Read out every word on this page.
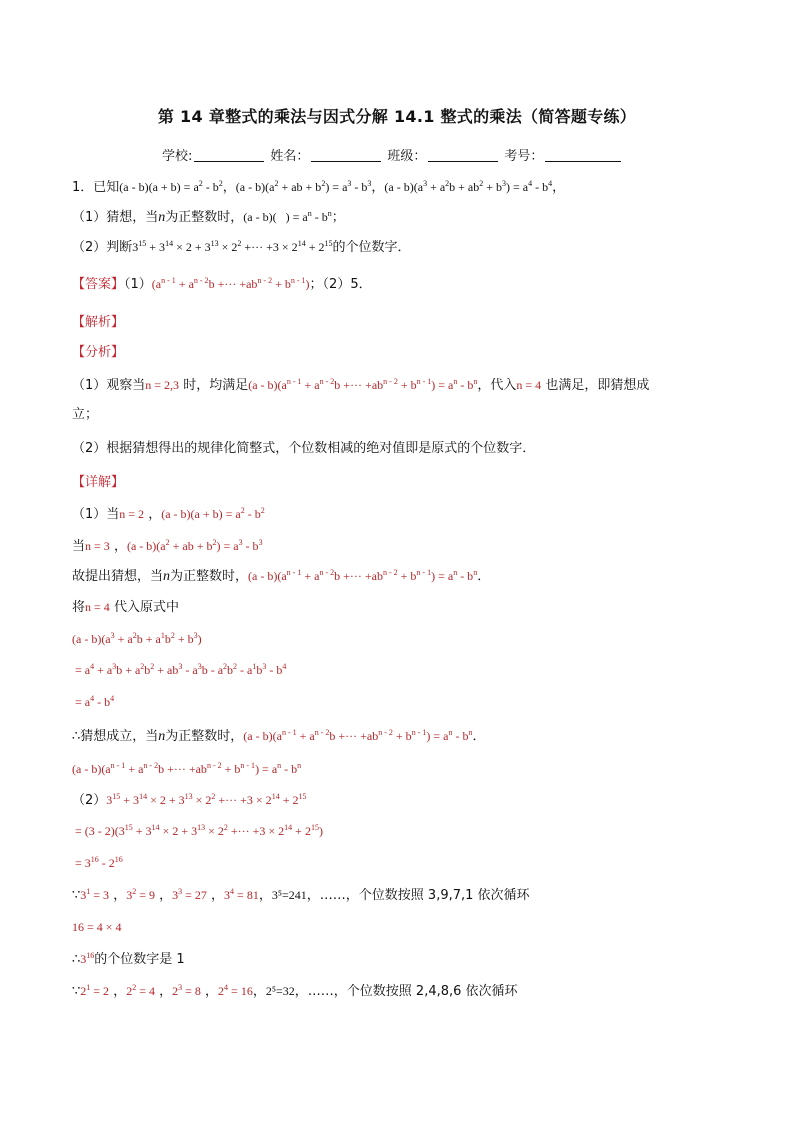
第 14 章整式的乘法与因式分解 14.1 整式的乘法（简答题专练）
学校:	姓名：	班级：	考号：
1．已知$(a - b)(a + b) = a^2 - b^2$，$(a - b)(a^2$ + ab + $b^2) = a^3 - b^3$，$(a - b)(a^3 + a^2b + ab^2 + b^3) = a^4 - b^4$，
（1）猜想，当n为正整数时，(a - b)(   ) = $a^n - b^n$；
（2）判断$3^{15} + 3^{14} \times 2 + 3^{13} \times 2^2$ +··· $+3 \times 2^{14} + 2^{15}$的个位数字．
【答案】$(1)(a^{n - 1} + a^{n - 2}b$ +··· $+ab^{n - 2} + b^{n - 1}$)；（2）5．
【解析】
【分析】
（1）观察当n = 2,3 时，均满足$(a - b)(a^{n - 1} + a^{n - 2}b$ +··· $+ab^{n - 2} + b^{n - 1}) = a^n - b^n$，代入n = 4 也满足，即猜想成
立；
（2）根据猜想得出的规律化简整式，个位数相减的绝对值即是原式的个位数字．
【详解】
（1）当n = 2 ，$(a - b)(a + b) = a^2 - b^2$
当n = 3 ，$(a - b)(a^2$ + ab + $b^2) = a^3 - b^3$
故提出猜想，当n为正整数时，$(a - b)(a^{n - 1} + a^{n - 2}b$ +··· $+ab^{n - 2} + b^{n - 1}) = a^n - b^n$．
将n = 4 代入原式中
$(a - b)(a^3 + a^2b + a^1b^2 + b^3)$
= $a^4 + a^3b + a^2b^2 + ab^3 - a^3b - a^2b^2 - a^1b^3 - b^4$
= $a^4 - b^4$
∴猜想成立，当n为正整数时，$(a - b)(a^{n - 1} + a^{n - 2}b$ +··· $+ab^{n - 2} + b^{n - 1}) = a^n - b^n$．
$(a - b)(a^{n - 1} + a^{n - 2}b$ +··· $+ab^{n - 2} + b^{n - 1}) = a^n - b^n$
$(2)3^{15} + 3^{14} \times 2 + 3^{13} \times 2^2$ +··· $+3 \times 2^{14} + 2^{15}$
= $(3 - 2)(3^{15} + 3^{14} \times 2 + 3^{13} \times 2^2$ +··· $+3 \times 2^{14} + 2^{15}$)
= $3^{16} - 2^{16}$
$\because 3^1 = 3$ ，$3^2 = 9$ ，$3^3 = 27$ ，$3^4 = 81$，3⁵=241，……，个位数按照 3,9,7,1 依次循环
16 = 4 × 4
$\therefore 3^{16}$的个位数字是 1
$\because 2^1 = 2$ ，$2^2 = 4$ ，$2^3 = 8$ ，$2^4 = 16$，2⁵=32，……，个位数按照 2,4,8,6 依次循环
